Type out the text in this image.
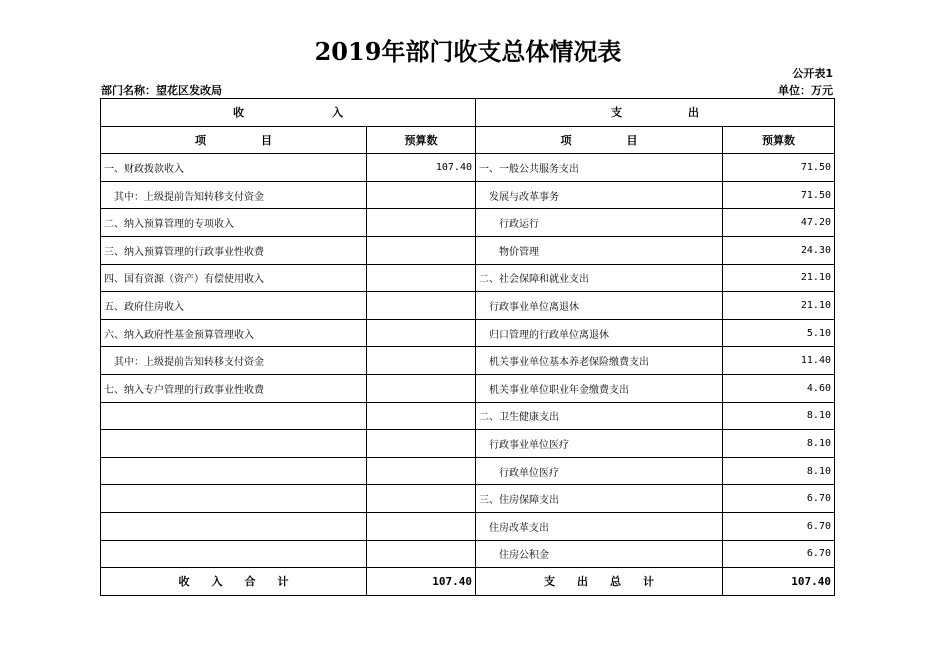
2019年部门收支总体情况表
公开表1
部门名称：望花区发改局	单位：万元
收　　　　　　　　入		支　　　　　　出	
项　　　　　目	预算数	项　　　　　目	预算数
一、财政拨款收入	107.40	一、一般公共服务支出	71.50
　其中：上级提前告知转移支付资金		　发展与改革事务	71.50
二、纳入预算管理的专项收入		　　行政运行	47.20
三、纳入预算管理的行政事业性收费		　　物价管理	24.30
四、国有资源（资产）有偿使用收入		二、社会保障和就业支出	21.10
五、政府住房收入		　行政事业单位离退休	21.10
六、纳入政府性基金预算管理收入		　归口管理的行政单位离退休	5.10
　其中：上级提前告知转移支付资金		　机关事业单位基本养老保险缴费支出	11.40
七、纳入专户管理的行政事业性收费		　机关事业单位职业年金缴费支出	4.60
		二、卫生健康支出	8.10
		　行政事业单位医疗	8.10
		　　行政单位医疗	8.10
		三、住房保障支出	6.70
		　住房改革支出	6.70
		　　住房公积金	6.70
收　　入　　合　　计	107.40	支　　出　　总　　计	107.40
